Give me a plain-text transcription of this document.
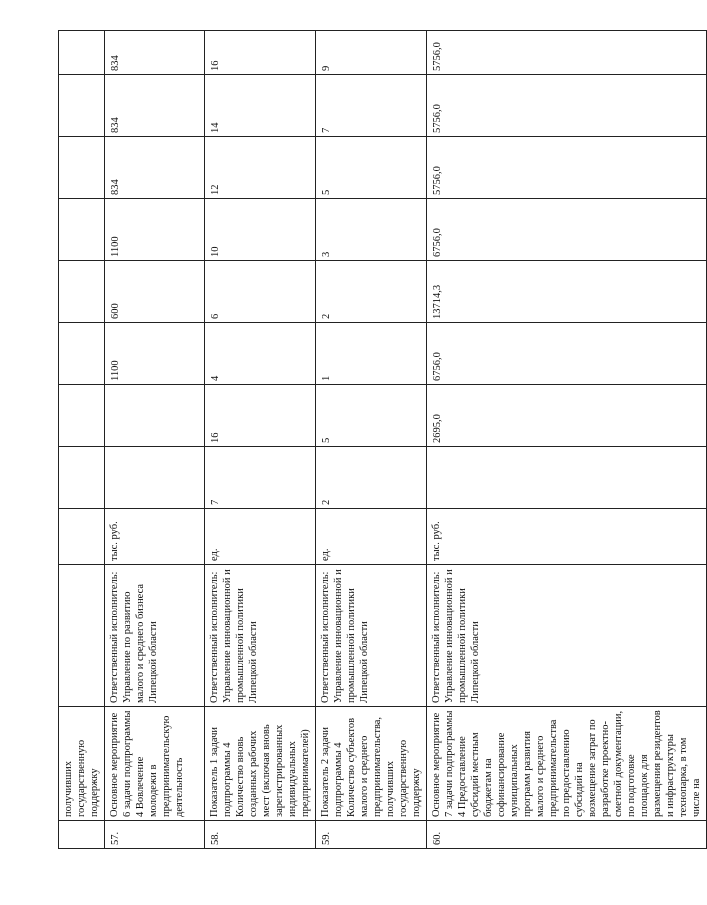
	получивших государственную поддержку										
57.	Основное мероприятие 6 задачи подпрограммы 4 Вовлечение молодежи в предпринимательскую деятельность	Ответственный исполнитель: Управление по развитию малого и среднего бизнеса Липецкой области	тыс. руб.			1100	600	1100	834	834	834
58.	Показатель 1 задачи подпрограммы 4 Количество вновь созданных рабочих мест (включая вновь зарегистрированных индивидуальных предпринимателей)	Ответственный исполнитель: Управление инновационной и промышленной политики Липецкой области	ед.	7	16	4	6	10	12	14	16
59.	Показатель 2 задачи подпрограммы 4 Количество субъектов малого и среднего предпринимательства, получивших государственную поддержку	Ответственный исполнитель: Управление инновационной и промышленной политики Липецкой области	ед.	2	5	1	2	3	5	7	9
60.	Основное мероприятие 7 задачи подпрограммы 4 Предоставление субсидий местным бюджетам на софинансирование муниципальных программ развития малого и среднего предпринимательства по предоставлению субсидий на возмещение затрат по разработке проектно-сметной документации, по подготовке площадок для размещения резидентов и инфраструктуры технопарка, в том числе на	Ответственный исполнитель: Управление инновационной и промышленной политики Липецкой области	тыс. руб.		2695,0	6756,0	13714,3	6756,0	5756,0	5756,0	5756,0
